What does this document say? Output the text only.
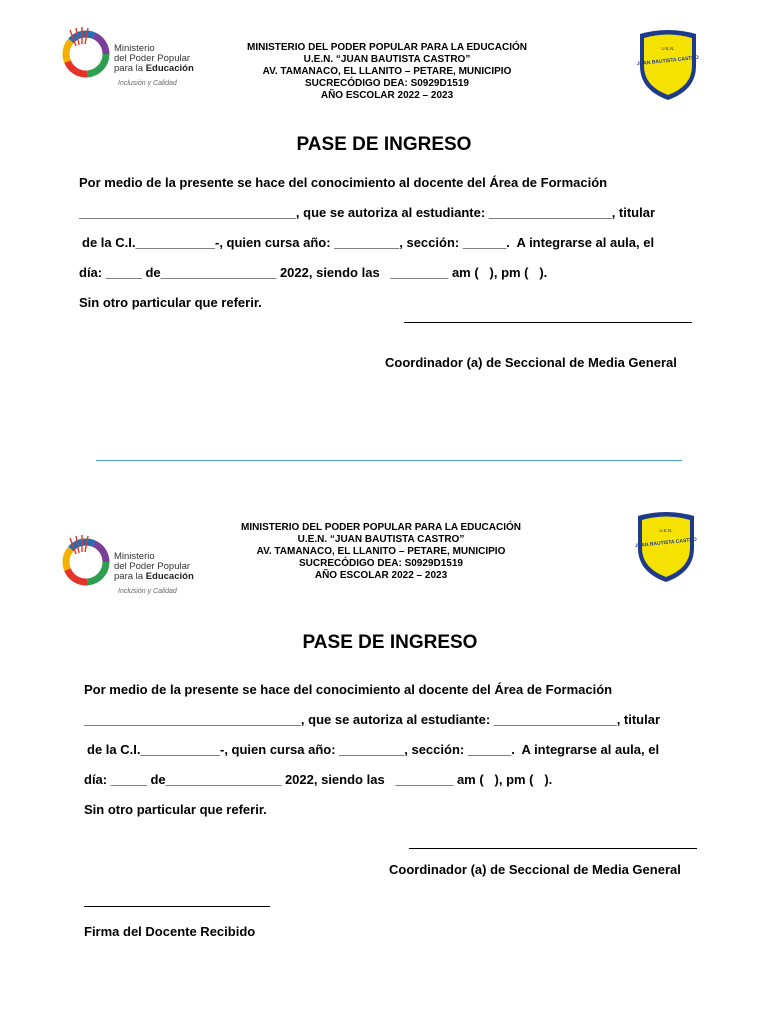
Ministerio
del Poder Popular
para la Educación
Inclusión y Calidad
MINISTERIO DEL PODER POPULAR PARA LA EDUCACIÓN
U.E.N. “JUAN BAUTISTA CASTRO”
AV. TAMANACO, EL LLANITO – PETARE, MUNICIPIO
SUCRECÓDIGO DEA: S0929D1519
AÑO ESCOLAR 2022 – 2023
U.E.N.
JUAN BAUTISTA CASTRO
PASE DE INGRESO
Por medio de la presente se hace del conocimiento al docente del Área de Formación
______________________________, que se autoriza al estudiante: _________________, titular
de la C.I.___________-, quien cursa año: _________, sección: ______.  A integrarse al aula, el
día: _____ de________________ 2022, siendo las   ________ am (   ), pm (   ).
Sin otro particular que referir.
Coordinador (a) de Seccional de Media General
Ministerio
del Poder Popular
para la Educación
Inclusión y Calidad
MINISTERIO DEL PODER POPULAR PARA LA EDUCACIÓN
U.E.N. “JUAN BAUTISTA CASTRO”
AV. TAMANACO, EL LLANITO – PETARE, MUNICIPIO
SUCRECÓDIGO DEA: S0929D1519
AÑO ESCOLAR 2022 – 2023
U.E.N.
JUAN BAUTISTA CASTRO
PASE DE INGRESO
Por medio de la presente se hace del conocimiento al docente del Área de Formación
______________________________, que se autoriza al estudiante: _________________, titular
de la C.I.___________-, quien cursa año: _________, sección: ______.  A integrarse al aula, el
día: _____ de________________ 2022, siendo las   ________ am (   ), pm (   ).
Sin otro particular que referir.
Coordinador (a) de Seccional de Media General
Firma del Docente Recibido
